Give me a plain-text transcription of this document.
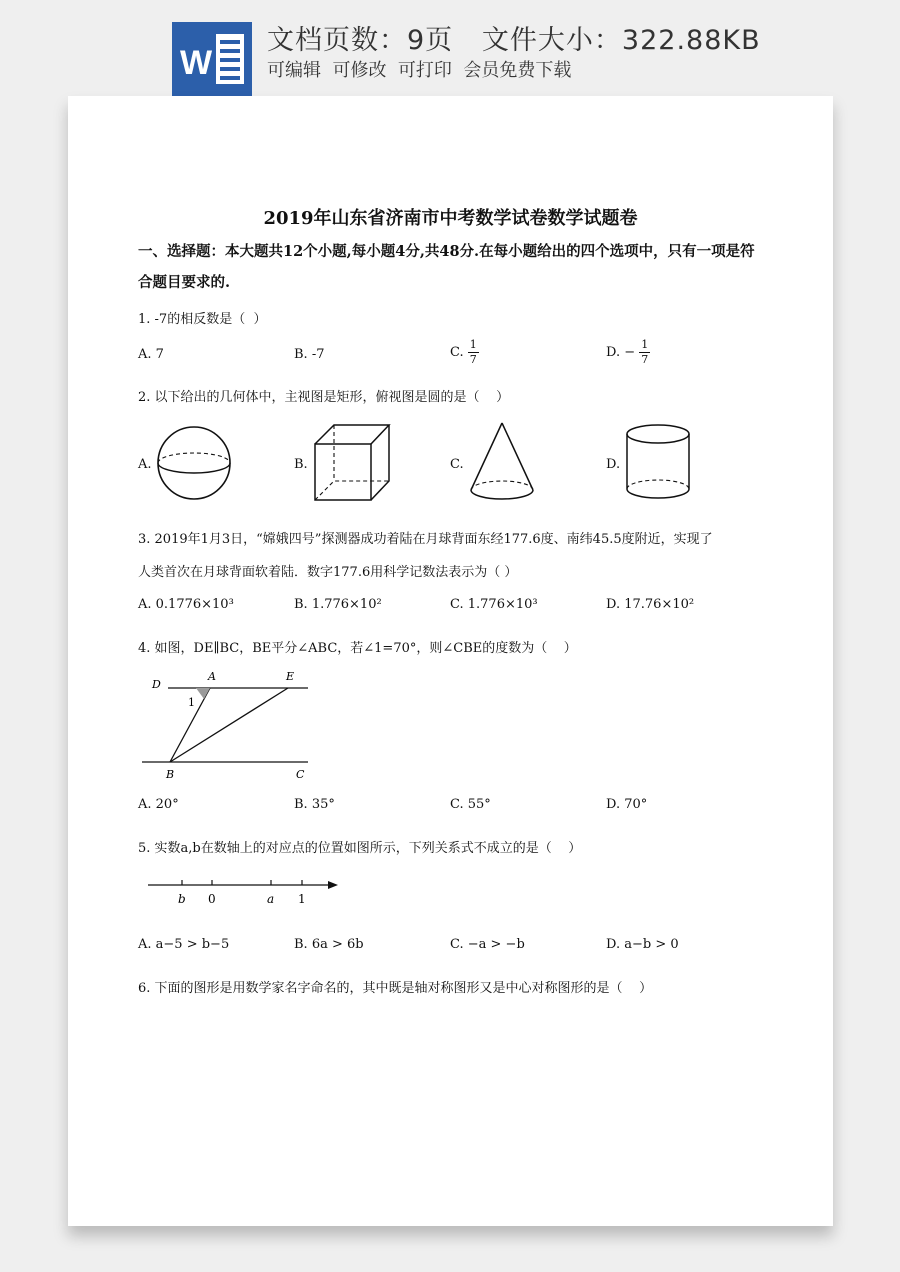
W
文档页数：9页   文件大小：322.88KB
可编辑  可修改  可打印  会员免费下载
2019年山东省济南市中考数学试卷数学试题卷
一、选择题：本大题共12个小题,每小题4分,共48分.在每小题给出的四个选项中，只有一项是符合题目要求的.
1. -7的相反数是（  ）
A. 7	B. -7	C. $\frac{1}{7}$	D. − $\frac{1}{7}$
2. 以下给出的几何体中，主视图是矩形，俯视图是圆的是（    ）
A.	B.	C.	D.
3. 2019年1月3日，“嫦娥四号”探测器成功着陆在月球背面东经177.6度、南纬45.5度附近，实现了
人类首次在月球背面软着陆．数字177.6用科学记数法表示为（ ）
A. 0.1776×10³	B. 1.776×10²	C. 1.776×10³	D. 17.76×10²
4. 如图，DE∥BC，BE平分∠ABC，若∠1=70°，则∠CBE的度数为（    ）
D
A	E
1
B	C
A. 20°	B. 35°	C. 55°	D. 70°
5. 实数a,b在数轴上的对应点的位置如图所示，下列关系式不成立的是（    ）
b 0	a 1
A. a−5 > b−5	B. 6a > 6b	C. −a > −b	D. a−b > 0
6. 下面的图形是用数学家名字命名的，其中既是轴对称图形又是中心对称图形的是（    ）
